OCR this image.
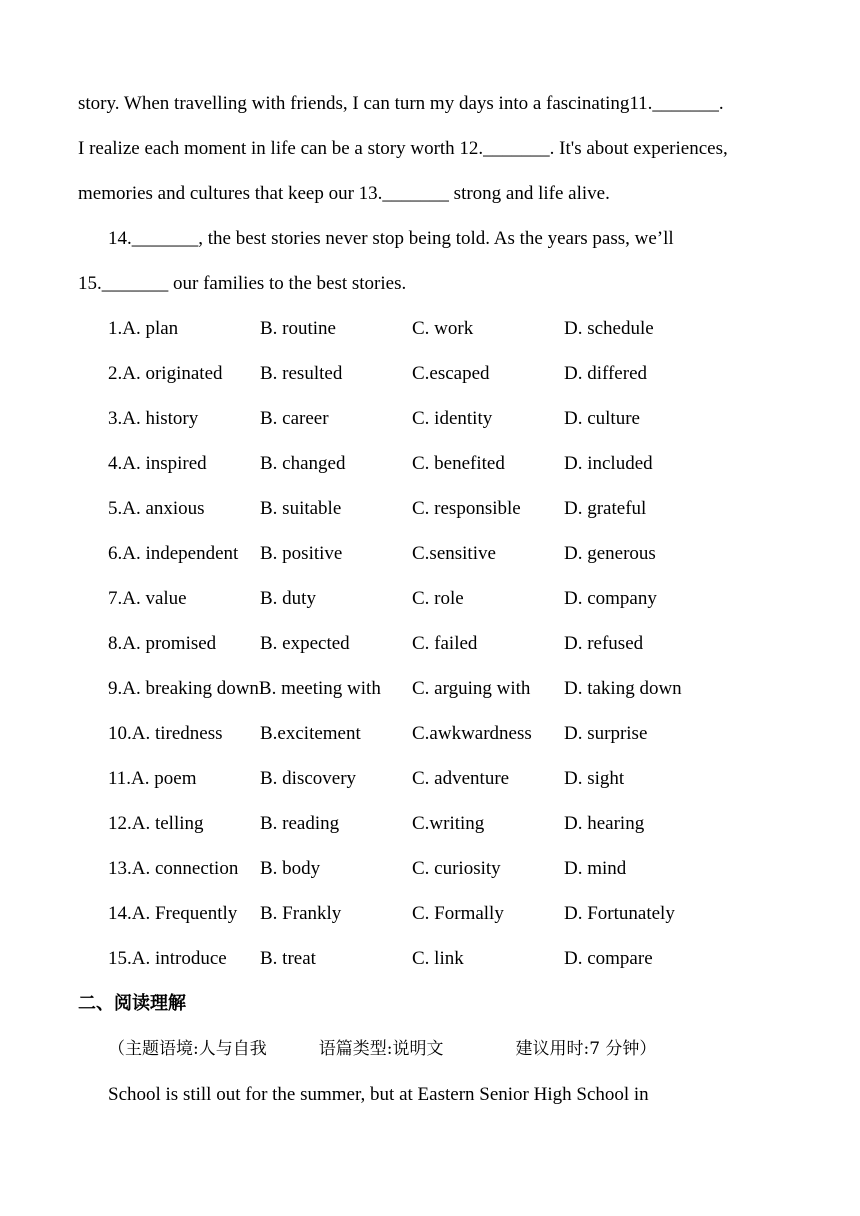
story. When travelling with friends, I can turn my days into a fascinating11._______.
I realize each moment in life can be a story worth 12._______. It's about experiences,
memories and cultures that keep our 13._______ strong and life alive.
14._______, the best stories never stop being told. As the years pass, we’ll
15._______ our families to the best stories.
1.A. plan	B. routine	C. work	D. schedule
2.A. originated B. resulted	C.escaped	D. differed
3.A. history	B. career	C. identity	D. culture
4.A. inspired	B. changed	C. benefited	D. included
5.A. anxious	B. suitable	C. responsible D. grateful
6.A. independent B. positive	C.sensitive	D. generous
7.A. value	B. duty	C. role	D. company
8.A. promised B. expected	C. failed	D. refused
9.A. breaking downB. meeting with C. arguing with D. taking down
10.A. tiredness B.excitement	C.awkwardness D. surprise
11.A. poem	B. discovery	C. adventure	D. sight
12.A. telling	B. reading	C.writing	D. hearing
13.A. connection B. body	C. curiosity	D. mind
14.A. Frequently B. Frankly	C. Formally	D. Fortunately
15.A. introduce B. treat	C. link	D. compare
二、阅读理解
（主题语境:人与自我	语篇类型:说明文	建议用时:7 分钟）
School is still out for the summer, but at Eastern Senior High School in
